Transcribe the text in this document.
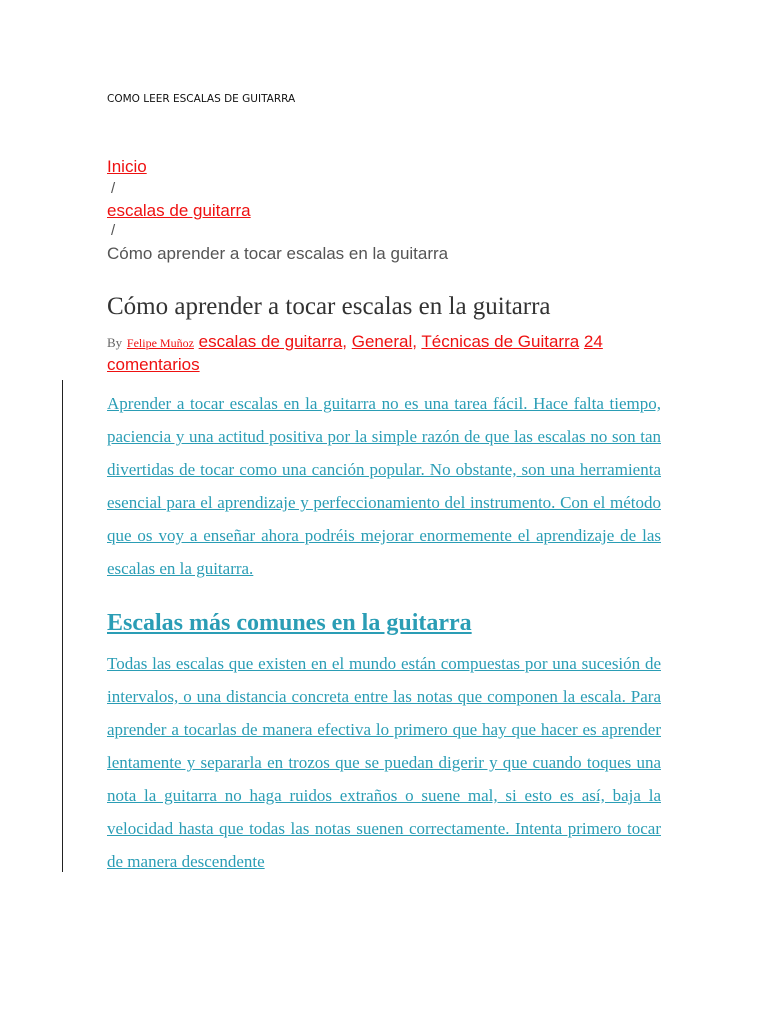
COMO LEER ESCALAS DE GUITARRA
Inicio
/
escalas de guitarra
/
Cómo aprender a tocar escalas en la guitarra
Cómo aprender a tocar escalas en la guitarra
By Felipe Muñoz escalas de guitarra, General, Técnicas de Guitarra 24 comentarios

Aprender a tocar escalas en la guitarra no es una tarea fácil. Hace falta tiempo, paciencia y una actitud positiva por la simple razón de que las escalas no son tan divertidas de tocar como una canción popular. No obstante, son una herramienta esencial para el aprendizaje y perfeccionamiento del instrumento. Con el método que os voy a enseñar ahora podréis mejorar enormemente el aprendizaje de las escalas en la guitarra.

Escalas más comunes en la guitarra

Todas las escalas que existen en el mundo están compuestas por una sucesión de intervalos, o una distancia concreta entre las notas que componen la escala. Para aprender a tocarlas de manera efectiva lo primero que hay que hacer es aprender lentamente y separarla en trozos que se puedan digerir y que cuando toques una nota la guitarra no haga ruidos extraños o suene mal, si esto es así, baja la velocidad hasta que todas las notas suenen correctamente. Intenta primero tocar de manera descendente
